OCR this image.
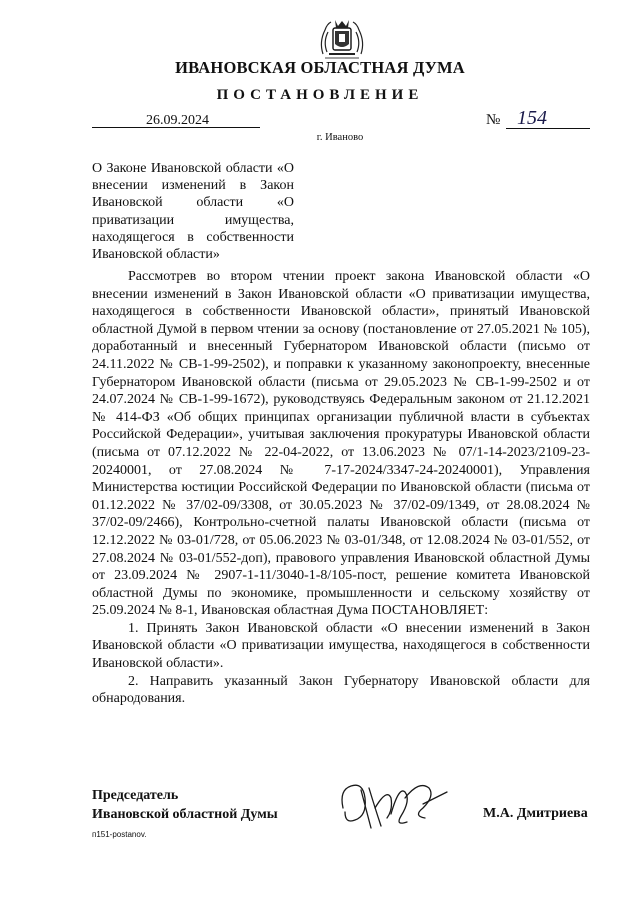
ИВАНОВСКАЯ ОБЛАСТНАЯ ДУМА
ПОСТАНОВЛЕНИЕ
26.09.2024	№ 154
г. Иваново
О Законе Ивановской области «О внесении изменений в Закон Ивановской области «О приватизации имущества, находящегося в собственности Ивановской области»

Рассмотрев во втором чтении проект закона Ивановской области «О внесении изменений в Закон Ивановской области «О приватизации имущества, находящегося в собственности Ивановской области», принятый Ивановской областной Думой в первом чтении за основу (постановление от 27.05.2021 № 105), доработанный и внесенный Губернатором Ивановской области (письмо от 24.11.2022 № СВ-1-99-2502), и поправки к указанному законопроекту, внесенные Губернатором Ивановской области (письма от 29.05.2023 № СВ-1-99-2502 и от 24.07.2024 № СВ-1-99-1672), руководствуясь Федеральным законом от 21.12.2021 № 414-ФЗ «Об общих принципах организации публичной власти в субъектах Российской Федерации», учитывая заключения прокуратуры Ивановской области (письма от 07.12.2022 № 22-04-2022, от 13.06.2023 № 07/1-14-2023/2109-23-20240001, от 27.08.2024 № 7-17-2024/3347-24-20240001), Управления Министерства юстиции Российской Федерации по Ивановской области (письма от 01.12.2022 № 37/02-09/3308, от 30.05.2023 № 37/02-09/1349, от 28.08.2024 № 37/02-09/2466), Контрольно-счетной палаты Ивановской области (письма от 12.12.2022 № 03-01/728, от 05.06.2023 № 03-01/348, от 12.08.2024 № 03-01/552, от 27.08.2024 № 03-01/552-доп), правового управления Ивановской областной Думы от 23.09.2024 № 2907-1-11/3040-1-8/105-пост, решение комитета Ивановской областной Думы по экономике, промышленности и сельскому хозяйству от 25.09.2024 № 8-1, Ивановская областная Дума ПОСТАНОВЛЯЕТ:

1. Принять Закон Ивановской области «О внесении изменений в Закон Ивановской области «О приватизации имущества, находящегося в собственности Ивановской области».

2. Направить указанный Закон Губернатору Ивановской области для обнародования.

Председатель
Ивановской областной Думы	М.А. Дмитриева
п151-postanov.
